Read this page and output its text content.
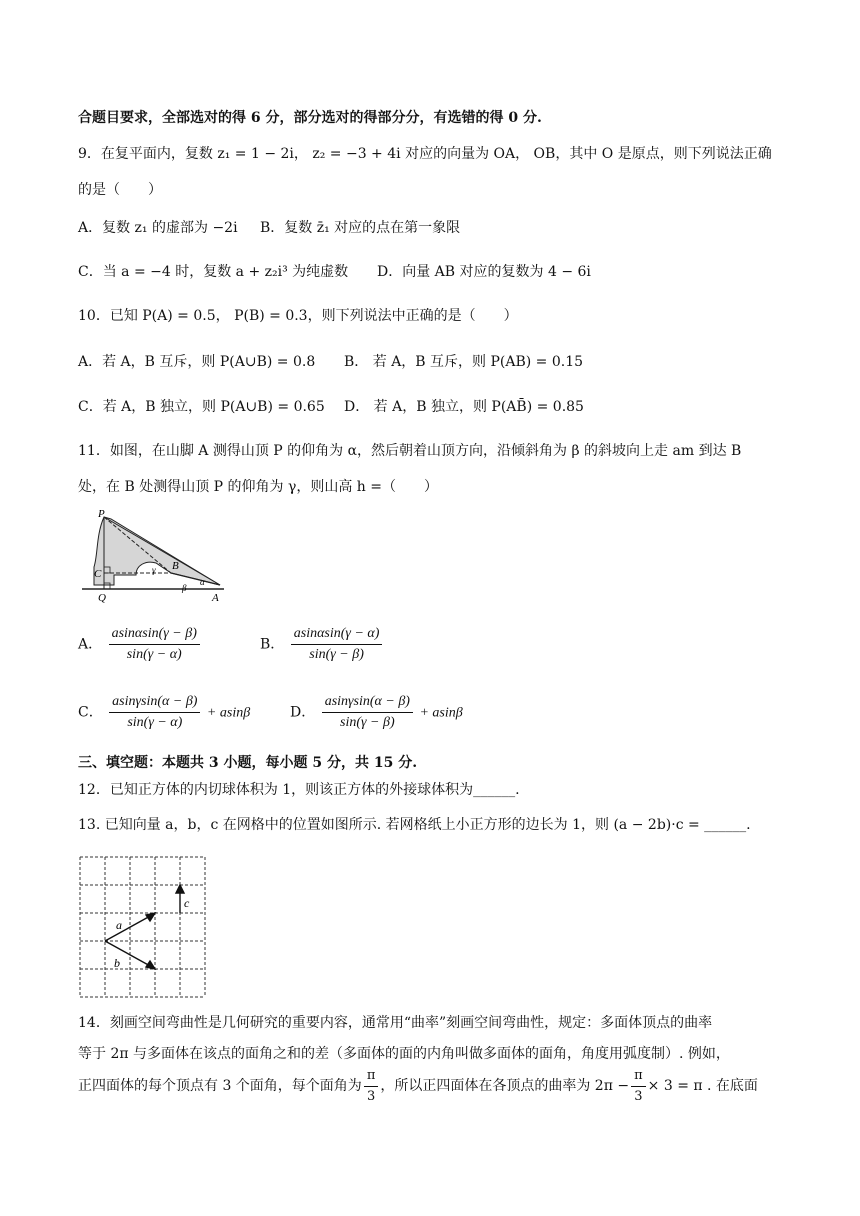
合题目要求，全部选对的得 6 分，部分选对的得部分分，有选错的得 0 分.
9．在复平面内，复数 z₁ = 1 − 2i， z₂ = −3 + 4i 对应的向量为 OA， OB，其中 O 是原点，则下列说法正确
的是（　　）
A．复数 z₁ 的虚部为 −2i B．复数 z̄₁ 对应的点在第一象限
C．当 a = −4 时，复数 a + z₂i³ 为纯虚数 D．向量 AB 对应的复数为 4 − 6i
10．已知 P(A) = 0.5， P(B) = 0.3，则下列说法中正确的是（　　）
A．若 A，B 互斥，则 P(A∪B) = 0.8 B． 若 A，B 互斥，则 P(AB) = 0.15
C．若 A，B 独立，则 P(A∪B) = 0.65 D． 若 A，B 独立，则 P(AB̄) = 0.85
11．如图，在山脚 A 测得山顶 P 的仰角为 α，然后朝着山顶方向，沿倾斜角为 β 的斜坡向上走 am 到达 B
处，在 B 处测得山顶 P 的仰角为 γ，则山高 h =（　　）
P
C
B
Q	A
γ
α
β
A． $\frac{asin\alpha\sin(\gamma - \beta)}{\sin(\gamma - \alpha)}$	B． $\frac{asin\alpha\sin(\gamma - \alpha)}{\sin(\gamma - \beta)}$
C． $\frac{asin\gamma\sin(\alpha - \beta)}{\sin(\gamma - \alpha)} + asin\beta$	D． $\frac{asin\gamma\sin(\alpha - \beta)}{\sin(\gamma - \beta)} + asin\beta$
三、填空题：本题共 3 小题，每小题 5 分，共 15 分.
12．已知正方体的内切球体积为 1，则该正方体的外接球体积为______.
13. 已知向量 a，b，c 在网格中的位置如图所示. 若网格纸上小正方形的边长为 1，则 (a − 2b)·c = ______.
a
b
c
14．刻画空间弯曲性是几何研究的重要内容，通常用“曲率”刻画空间弯曲性，规定：多面体顶点的曲率
等于 2π 与多面体在该点的面角之和的差（多面体的面的内角叫做多面体的面角，角度用弧度制）. 例如，
正四面体的每个顶点有 3 个面角，每个面角为 $\frac{\pi}{3}$ ，所以正四面体在各顶点的曲率为 $2\pi - \frac{\pi}{3} \times 3 = \pi$ . 在底面
